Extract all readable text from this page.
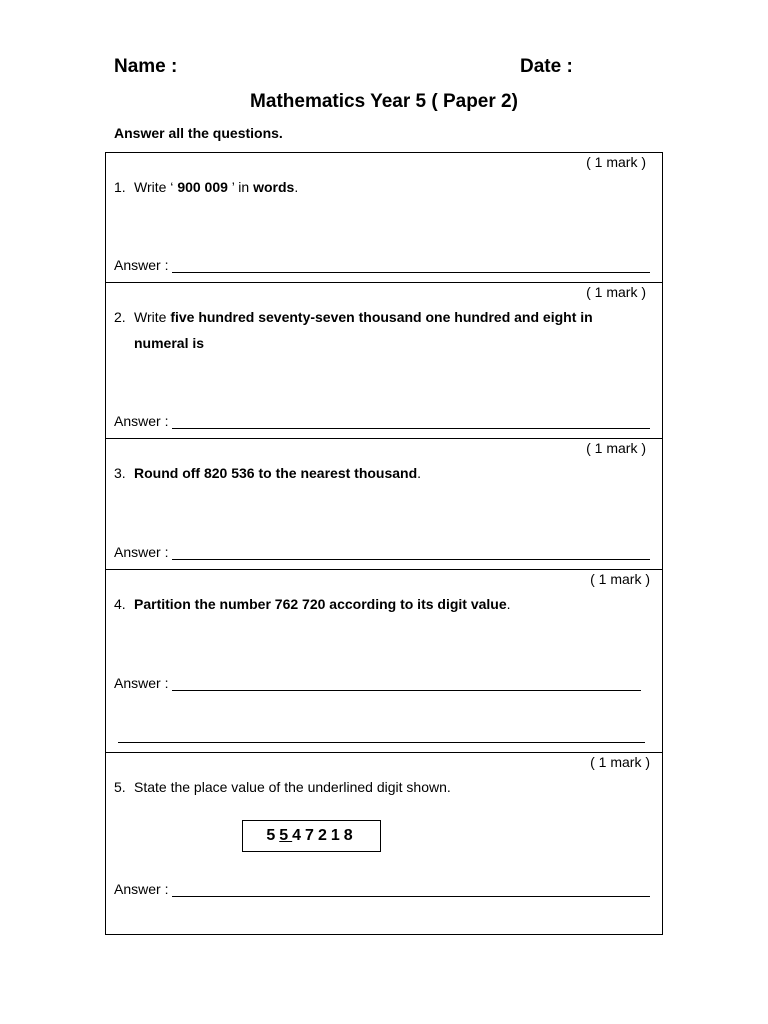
Name :	Date :
Mathematics Year 5 ( Paper 2)
Answer all the questions.
( 1 mark )
1. Write ‘ 900 009 ’ in words.
Answer :
( 1 mark )
2. Write five hundred seventy-seven thousand one hundred and eight in
numeral is
Answer :
( 1 mark )
3. Round off 820 536 to the nearest thousand.
Answer :
( 1 mark )
4. Partition the number 762 720 according to its digit value.
Answer :
( 1 mark )
5. State the place value of the underlined digit shown.
5547218
Answer :
